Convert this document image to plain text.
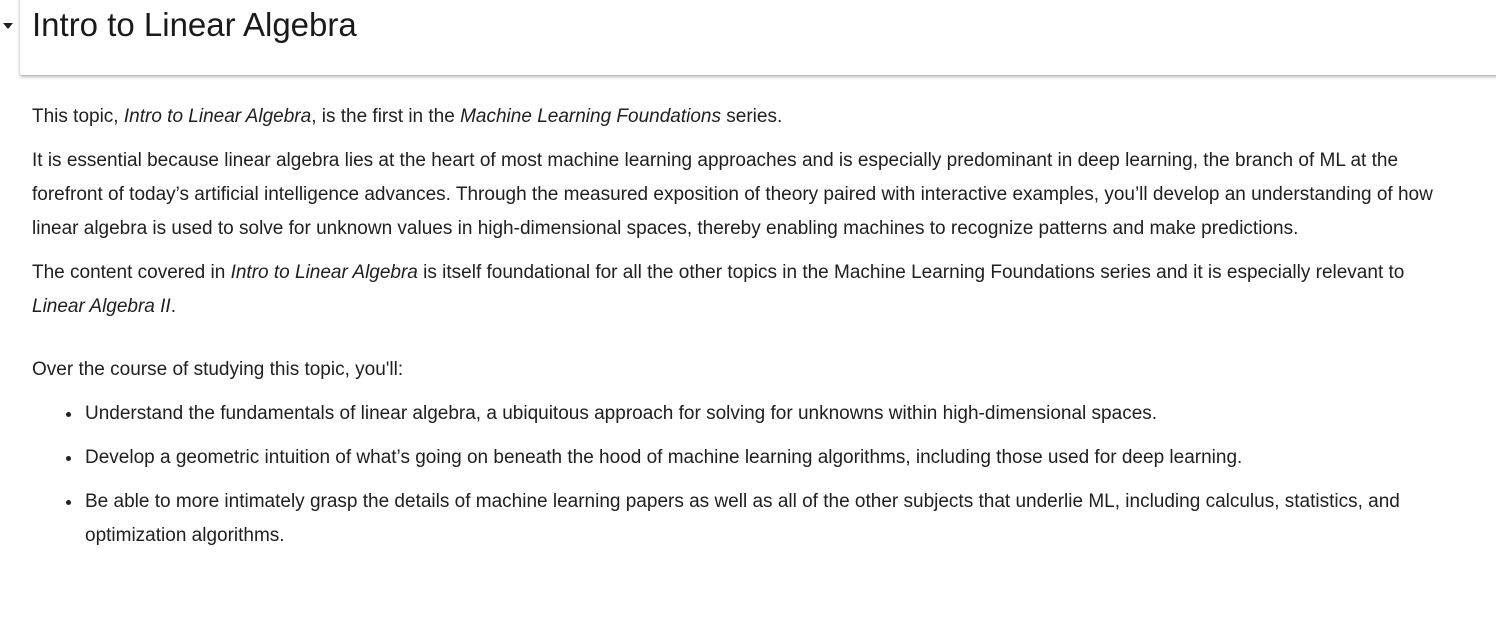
Intro to Linear Algebra

This topic, Intro to Linear Algebra, is the first in the Machine Learning Foundations series.

It is essential because linear algebra lies at the heart of most machine learning approaches and is especially predominant in deep learning, the branch of ML at the forefront of today’s artificial intelligence advances. Through the measured exposition of theory paired with interactive examples, you’ll develop an understanding of how linear algebra is used to solve for unknown values in high-dimensional spaces, thereby enabling machines to recognize patterns and make predictions.

The content covered in Intro to Linear Algebra is itself foundational for all the other topics in the Machine Learning Foundations series and it is especially relevant to Linear Algebra II.

Over the course of studying this topic, you'll:

Understand the fundamentals of linear algebra, a ubiquitous approach for solving for unknowns within high-dimensional spaces.
Develop a geometric intuition of what’s going on beneath the hood of machine learning algorithms, including those used for deep learning.
Be able to more intimately grasp the details of machine learning papers as well as all of the other subjects that underlie ML, including calculus, statistics, and optimization algorithms.
